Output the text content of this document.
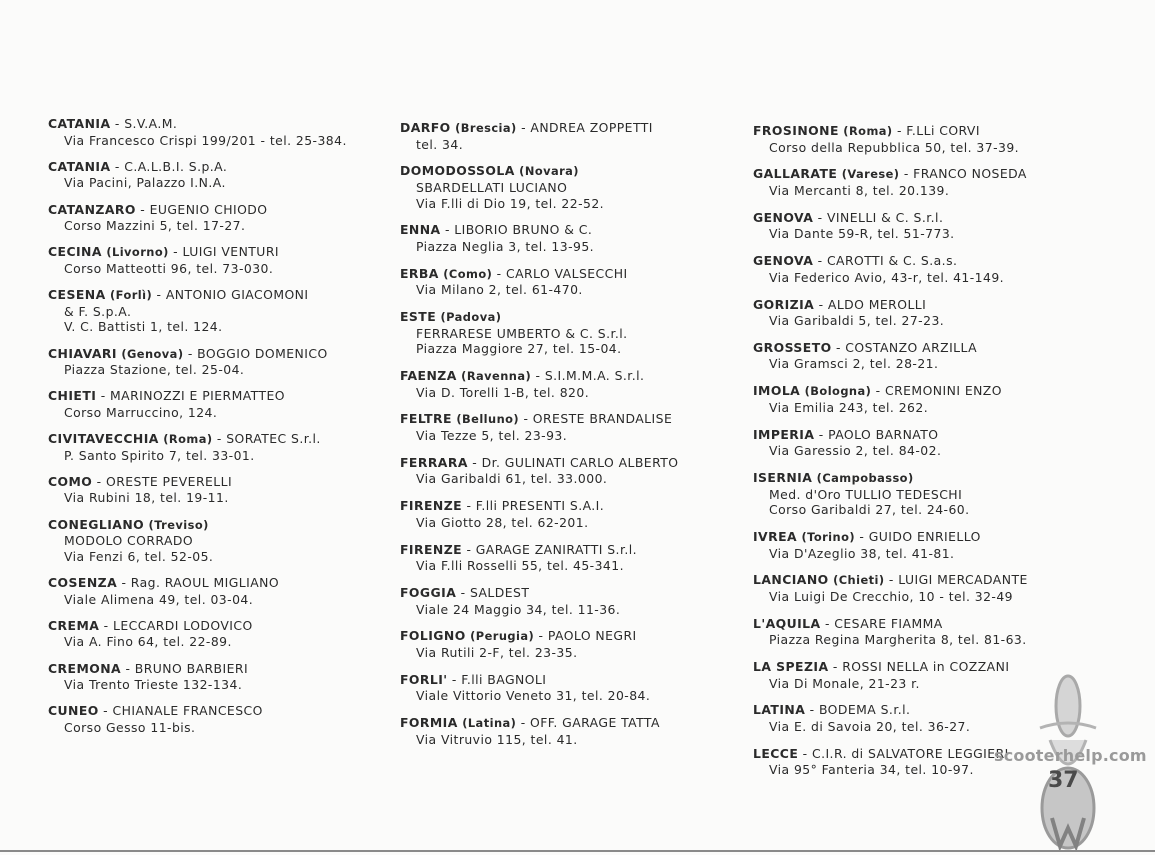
CATANIA - S.V.A.M.
Via Francesco Crispi 199/201 - tel. 25-384.
CATANIA - C.A.L.B.I. S.p.A.
Via Pacini, Palazzo I.N.A.
CATANZARO - EUGENIO CHIODO
Corso Mazzini 5, tel. 17-27.
CECINA (Livorno) - LUIGI VENTURI
Corso Matteotti 96, tel. 73-030.
CESENA (Forlì) - ANTONIO GIACOMONI
& F. S.p.A.
V. C. Battisti 1, tel. 124.
CHIAVARI (Genova) - BOGGIO DOMENICO
Piazza Stazione, tel. 25-04.
CHIETI - MARINOZZI E PIERMATTEO
Corso Marruccino, 124.
CIVITAVECCHIA (Roma) - SORATEC S.r.l.
P. Santo Spirito 7, tel. 33-01.
COMO - ORESTE PEVERELLI
Via Rubini 18, tel. 19-11.
CONEGLIANO (Treviso)
MODOLO CORRADO
Via Fenzi 6, tel. 52-05.
COSENZA - Rag. RAOUL MIGLIANO
Viale Alimena 49, tel. 03-04.
CREMA - LECCARDI LODOVICO
Via A. Fino 64, tel. 22-89.
CREMONA - BRUNO BARBIERI
Via Trento Trieste 132-134.
CUNEO - CHIANALE FRANCESCO
Corso Gesso 11-bis.
DARFO (Brescia) - ANDREA ZOPPETTI
tel. 34.
DOMODOSSOLA (Novara)
SBARDELLATI LUCIANO
Via F.lli di Dio 19, tel. 22-52.
ENNA - LIBORIO BRUNO & C.
Piazza Neglia 3, tel. 13-95.
ERBA (Como) - CARLO VALSECCHI
Via Milano 2, tel. 61-470.
ESTE (Padova)
FERRARESE UMBERTO & C. S.r.l.
Piazza Maggiore 27, tel. 15-04.
FAENZA (Ravenna) - S.I.M.M.A. S.r.l.
Via D. Torelli 1-B, tel. 820.
FELTRE (Belluno) - ORESTE BRANDALISE
Via Tezze 5, tel. 23-93.
FERRARA - Dr. GULINATI CARLO ALBERTO
Via Garibaldi 61, tel. 33.000.
FIRENZE - F.lli PRESENTI S.A.I.
Via Giotto 28, tel. 62-201.
FIRENZE - GARAGE ZANIRATTI S.r.l.
Via F.lli Rosselli 55, tel. 45-341.
FOGGIA - SALDEST
Viale 24 Maggio 34, tel. 11-36.
FOLIGNO (Perugia) - PAOLO NEGRI
Via Rutili 2-F, tel. 23-35.
FORLI' - F.lli BAGNOLI
Viale Vittorio Veneto 31, tel. 20-84.
FORMIA (Latina) - OFF. GARAGE TATTA
Via Vitruvio 115, tel. 41.
FROSINONE (Roma) - F.LLi CORVI
Corso della Repubblica 50, tel. 37-39.
GALLARATE (Varese) - FRANCO NOSEDA
Via Mercanti 8, tel. 20.139.
GENOVA - VINELLI & C. S.r.l.
Via Dante 59-R, tel. 51-773.
GENOVA - CAROTTI & C. S.a.s.
Via Federico Avio, 43-r, tel. 41-149.
GORIZIA - ALDO MEROLLI
Via Garibaldi 5, tel. 27-23.
GROSSETO - COSTANZO ARZILLA
Via Gramsci 2, tel. 28-21.
IMOLA (Bologna) - CREMONINI ENZO
Via Emilia 243, tel. 262.
IMPERIA - PAOLO BARNATO
Via Garessio 2, tel. 84-02.
ISERNIA (Campobasso)
Med. d'Oro TULLIO TEDESCHI
Corso Garibaldi 27, tel. 24-60.
IVREA (Torino) - GUIDO ENRIELLO
Via D'Azeglio 38, tel. 41-81.
LANCIANO (Chieti) - LUIGI MERCADANTE
Via Luigi De Crecchio, 10 - tel. 32-49
L'AQUILA - CESARE FIAMMA
Piazza Regina Margherita 8, tel. 81-63.
LA SPEZIA - ROSSI NELLA in COZZANI
Via Di Monale, 21-23 r.
LATINA - BODEMA S.r.l.
Via E. di Savoia 20, tel. 36-27.
LECCE - C.I.R. di SALVATORE LEGGIERI
Via 95° Fanteria 34, tel. 10-97.
scooterhelp.com
37
